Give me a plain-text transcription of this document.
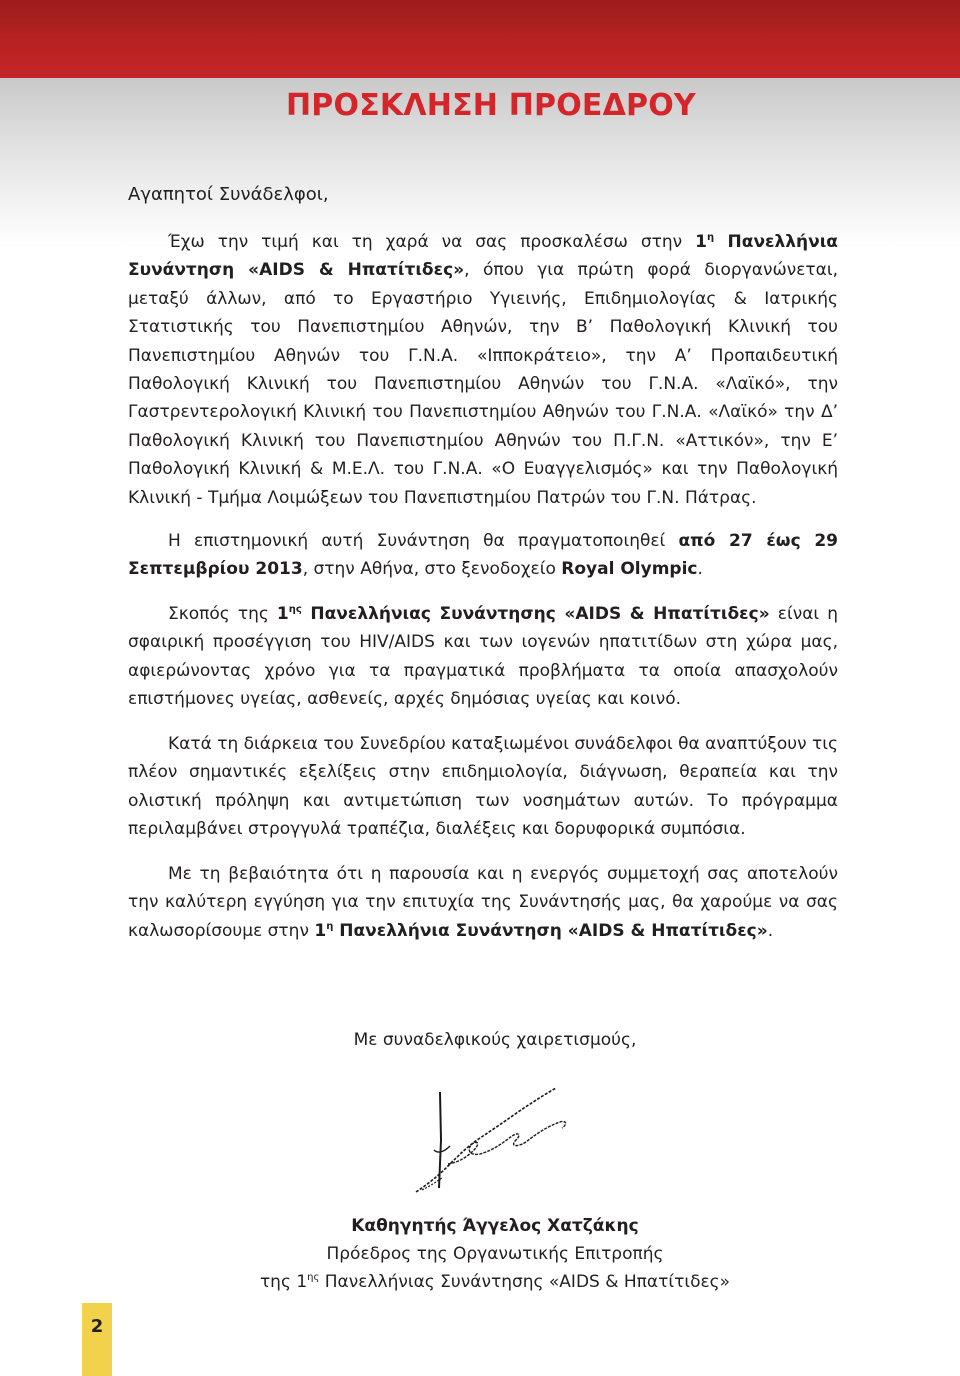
ΠΡΟΣΚΛΗΣΗ ΠΡΟΕΔΡΟΥ

Αγαπητοί Συνάδελφοι,

Έχω την τιμή και τη χαρά να σας προσκαλέσω στην $1^\eta$ Πανελλήνια Συνάντηση «AIDS & Ηπατίτιδες», όπου για πρώτη φορά διοργανώνεται, μεταξύ άλλων, από το Εργαστήριο Υγιεινής, Επιδημιολογίας & Ιατρικής Στατιστικής του Πανεπιστημίου Αθηνών, την Β’ Παθολογική Κλινική του Πανεπιστημίου Αθηνών του Γ.Ν.Α. «Ιπποκράτειο», την Α’ Προπαιδευτική Παθολογική Κλινική του Πανεπιστημίου Αθηνών του Γ.Ν.Α. «Λαϊκό», την Γαστρεντερολογική Κλινική του Πανεπιστημίου Αθηνών του Γ.Ν.Α. «Λαϊκό» την Δ’ Παθολογική Κλινική του Πανεπιστημίου Αθηνών του Π.Γ.Ν. «Αττικόν», την Ε’ Παθολογική Κλινική & Μ.Ε.Λ. του Γ.Ν.Α. «Ο Ευαγγελισμός» και την Παθολογική Κλινική - Τμήμα Λοιμώξεων του Πανεπιστημίου Πατρών του Γ.Ν. Πάτρας.

Η επιστημονική αυτή Συνάντηση θα πραγματοποιηθεί από 27 έως 29 Σεπτεμβρίου 2013, στην Αθήνα, στο ξενοδοχείο Royal Olympic.

Σκοπός της $1^{\eta\varsigma}$ Πανελλήνιας Συνάντησης «AIDS & Ηπατίτιδες» είναι η σφαιρική προσέγγιση του HIV/AIDS και των ιογενών ηπατιτίδων στη χώρα μας, αφιερώνοντας χρόνο για τα πραγματικά προβλήματα τα οποία απασχολούν επιστήμονες υγείας, ασθενείς, αρχές δημόσιας υγείας και κοινό.

Κατά τη διάρκεια του Συνεδρίου καταξιωμένοι συνάδελφοι θα αναπτύξουν τις πλέον σημαντικές εξελίξεις στην επιδημιολογία, διάγνωση, θεραπεία και την ολιστική πρόληψη και αντιμετώπιση των νοσημάτων αυτών. Το πρόγραμμα περιλαμβάνει στρογγυλά τραπέζια, διαλέξεις και δορυφορικά συμπόσια.

Με τη βεβαιότητα ότι η παρουσία και η ενεργός συμμετοχή σας αποτελούν την καλύτερη εγγύηση για την επιτυχία της Συνάντησής μας, θα χαρούμε να σας καλωσορίσουμε στην $1^\eta$ Πανελλήνια Συνάντηση «AIDS & Ηπατίτιδες».

Με συναδελφικούς χαιρετισμούς,

Καθηγητής Άγγελος Χατζάκης
Πρόεδρος της Οργανωτικής Επιτροπής
της $1^{\eta\varsigma}$ Πανελλήνιας Συνάντησης «AIDS & Ηπατίτιδες»
2
